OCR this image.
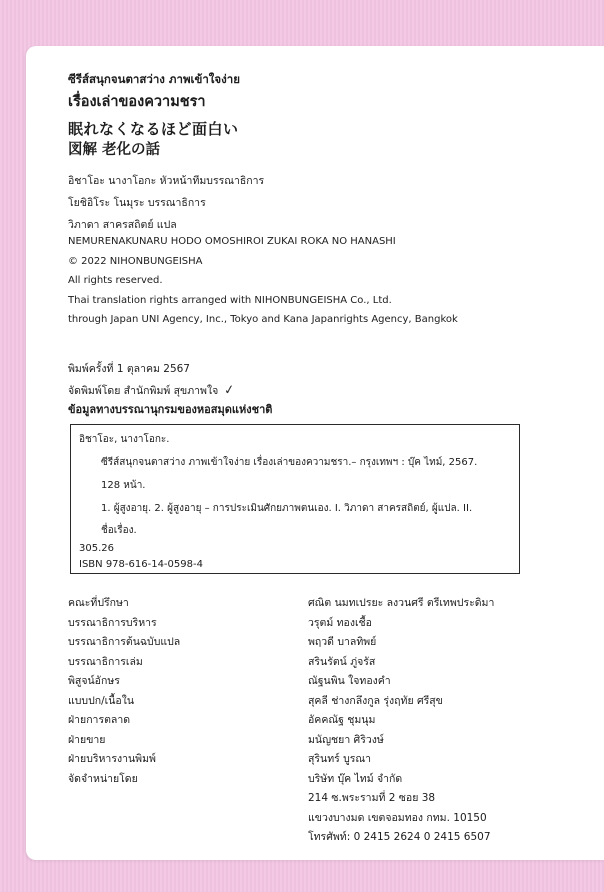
ซีรีส์สนุกจนตาสว่าง ภาพเข้าใจง่าย
เรื่องเล่าของความชรา
眠れなくなるほど面白い
図解 老化の話
อิชาโอะ นางาโอกะ หัวหน้าทีมบรรณาธิการ
โยชิอิโระ โนมุระ บรรณาธิการ
วิภาดา สาครสถิตย์ แปล
NEMURENAKUNARU HODO OMOSHIROI ZUKAI ROKA NO HANASHI
© 2022 NIHONBUNGEISHA
All rights reserved.
Thai translation rights arranged with NIHONBUNGEISHA Co., Ltd.
through Japan UNI Agency, Inc., Tokyo and Kana Japanrights Agency, Bangkok
พิมพ์ครั้งที่ 1 ตุลาคม 2567
จัดพิมพ์โดย สำนักพิมพ์ สุขภาพใจ ✓
ข้อมูลทางบรรณานุกรมของหอสมุดแห่งชาติ
อิชาโอะ, นางาโอกะ.
ซีรีส์สนุกจนตาสว่าง ภาพเข้าใจง่าย เรื่องเล่าของความชรา.– กรุงเทพฯ : บุ๊ค ไทม์, 2567.
128 หน้า.
1. ผู้สูงอายุ. 2. ผู้สูงอายุ – การประเมินศักยภาพตนเอง. I. วิภาดา สาครสถิตย์, ผู้แปล. II.
ชื่อเรื่อง.
305.26
ISBN 978-616-14-0598-4
คณะที่ปรึกษา	ศณิต นมทเปรยะ ลงวนศรี ตรีเทพประดิมา
บรรณาธิการบริหาร	วรุตม์ ทองเชื้อ
บรรณาธิการต้นฉบับแปล	พฤวดี บาลทิพย์
บรรณาธิการเล่ม	สรินรัตน์ ภู่จรัส
พิสูจน์อักษร	ณัฐนพิน ใจทองคำ
แบบปก/เนื้อใน	สุคลี ช่างกลึงกูล รุ่งฤทัย ศรีสุข
ฝ่ายการตลาด	อัคคณัฐ ชุมนุม
ฝ่ายขาย	มนัญชยา ศิริวงษ์
ฝ่ายบริหารงานพิมพ์	สุรินทร์ บูรณา
จัดจำหน่ายโดย	บริษัท บุ๊ค ไทม์ จำกัด
214 ซ.พระรามที่ 2 ซอย 38
แขวงบางมด เขตจอมทอง กทม. 10150
โทรศัพท์: 0 2415 2624 0 2415 6507
